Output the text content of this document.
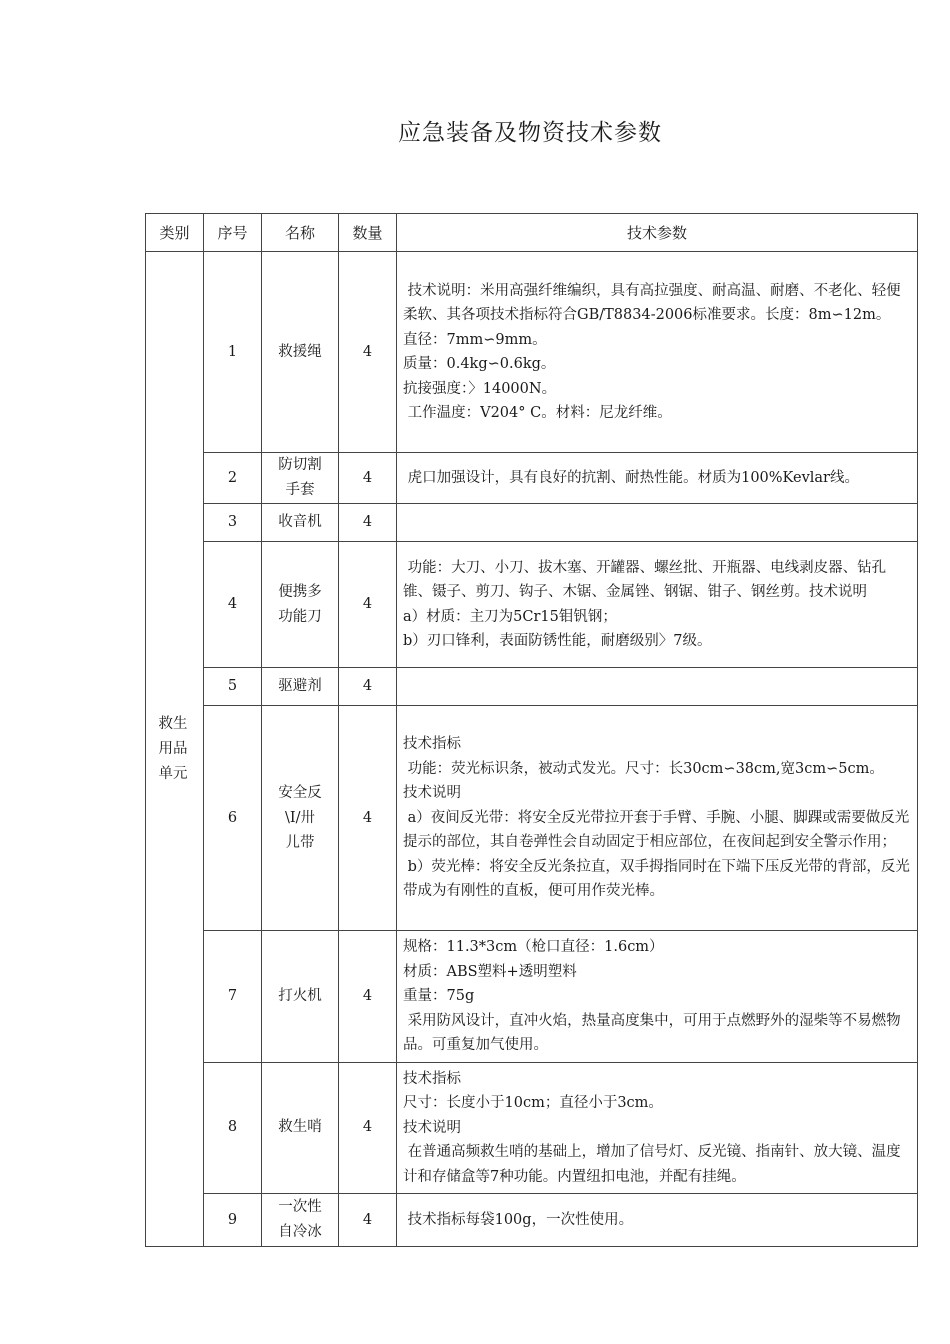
应急装备及物资技术参数
类别	序号	名称	数量	技术参数
救生用品单元	1	救援绳	4	技术说明：米用高强纤维编织，具有高拉强度、耐高温、耐磨、不老化、轻便柔软、其各项技术指标符合GB/T8834-2006标准要求。长度：8m∽12m。
直径：7mm∽9mm。
质量：0.4kg∽0.6kg。
抗接强度：〉14000N。
工作温度：V204° C。材料：尼龙纤维。

	2	防切割手套	4	虎口加强设计，具有良好的抗割、耐热性能。材质为100%Kevlar线。

	3	收音机	4	
	4	便携多功能刀	4	功能：大刀、小刀、拔木塞、开罐器、螺丝批、开瓶器、电线剥皮器、钻孔锥、镊子、剪刀、钩子、木锯、金属锉、钢锯、钳子、钢丝剪。技术说明
a）材质：主刀为5Cr15钼钒钢；
b）刃口锋利，表面防锈性能，耐磨级别〉7级。

	5	驱避剂	4	
	6	安全反\I/卅儿带	4	技术指标
功能：荧光标识条，被动式发光。尺寸：长30cm∽38cm,宽3cm∽5cm。
技术说明
a）夜间反光带：将安全反光带拉开套于手臂、手腕、小腿、脚踝或需要做反光提示的部位，其自卷弹性会自动固定于相应部位，在夜间起到安全警示作用；
b）荧光棒：将安全反光条拉直，双手拇指同时在下端下压反光带的背部，反光带成为有刚性的直板，便可用作荧光棒。

	7	打火机	4	规格：11.3*3cm（枪口直径：1.6cm）
材质：ABS塑料+透明塑料
重量：75g
采用防风设计，直冲火焰，热量高度集中，可用于点燃野外的湿柴等不易燃物品。可重复加气使用。

	8	救生哨	4	技术指标
尺寸：长度小于10cm；直径小于3cm。
技术说明
在普通高频救生哨的基础上，增加了信号灯、反光镜、指南针、放大镜、温度计和存储盒等7种功能。内置纽扣电池，并配有挂绳。

	9	一次性自冷冰	4	技术指标每袋100g，一次性使用。
